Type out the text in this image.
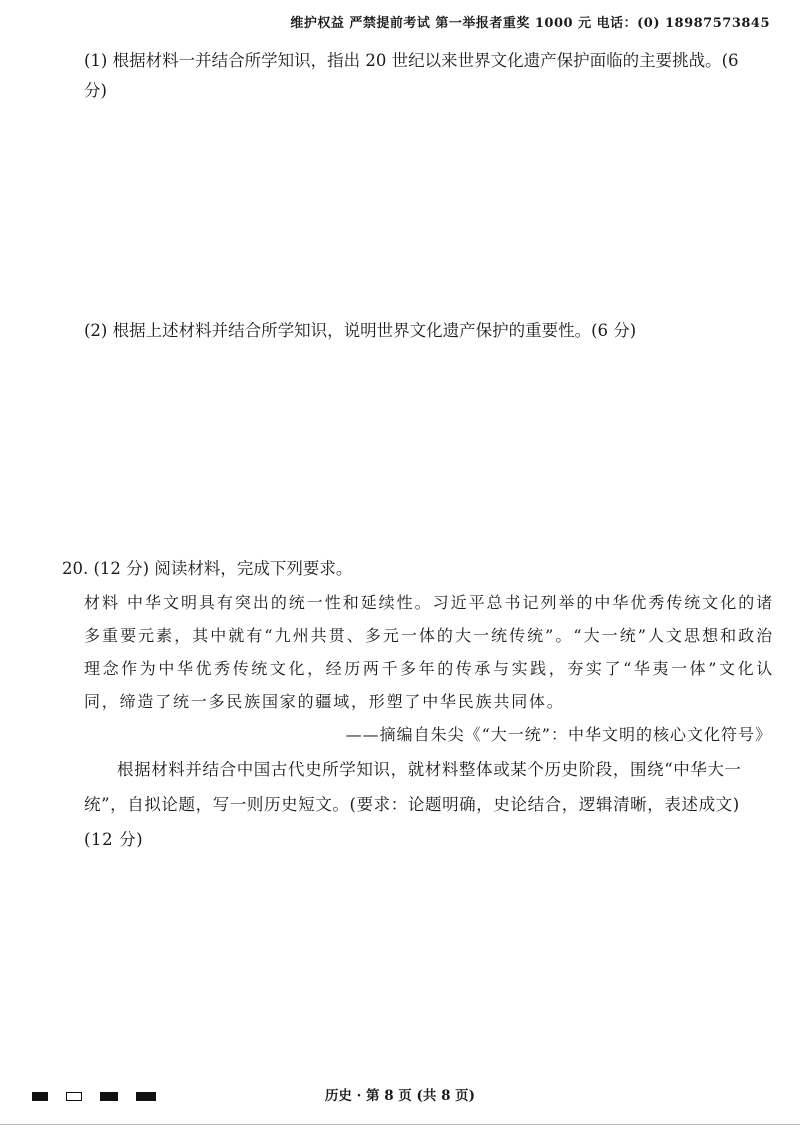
维护权益 严禁提前考试 第一举报者重奖 1000 元 电话：(0) 18987573845
(1) 根据材料一并结合所学知识，指出 20 世纪以来世界文化遗产保护面临的主要挑战。(6 分)
(2) 根据上述材料并结合所学知识，说明世界文化遗产保护的重要性。(6 分)
20. (12 分) 阅读材料，完成下列要求。
材料 中华文明具有突出的统一性和延续性。习近平总书记列举的中华优秀传统文化的诸多重要元素，其中就有“九州共贯、多元一体的大一统传统”。“大一统”人文思想和政治理念作为中华优秀传统文化，经历两千多年的传承与实践，夯实了“华夷一体”文化认同，缔造了统一多民族国家的疆域，形塑了中华民族共同体。
——摘编自朱尖《“大一统”：中华文明的核心文化符号》
根据材料并结合中国古代史所学知识，就材料整体或某个历史阶段，围绕“中华大一统”，自拟论题，写一则历史短文。(要求：论题明确，史论结合，逻辑清晰，表述成文) (12 分)
历史 · 第 8 页 (共 8 页)
